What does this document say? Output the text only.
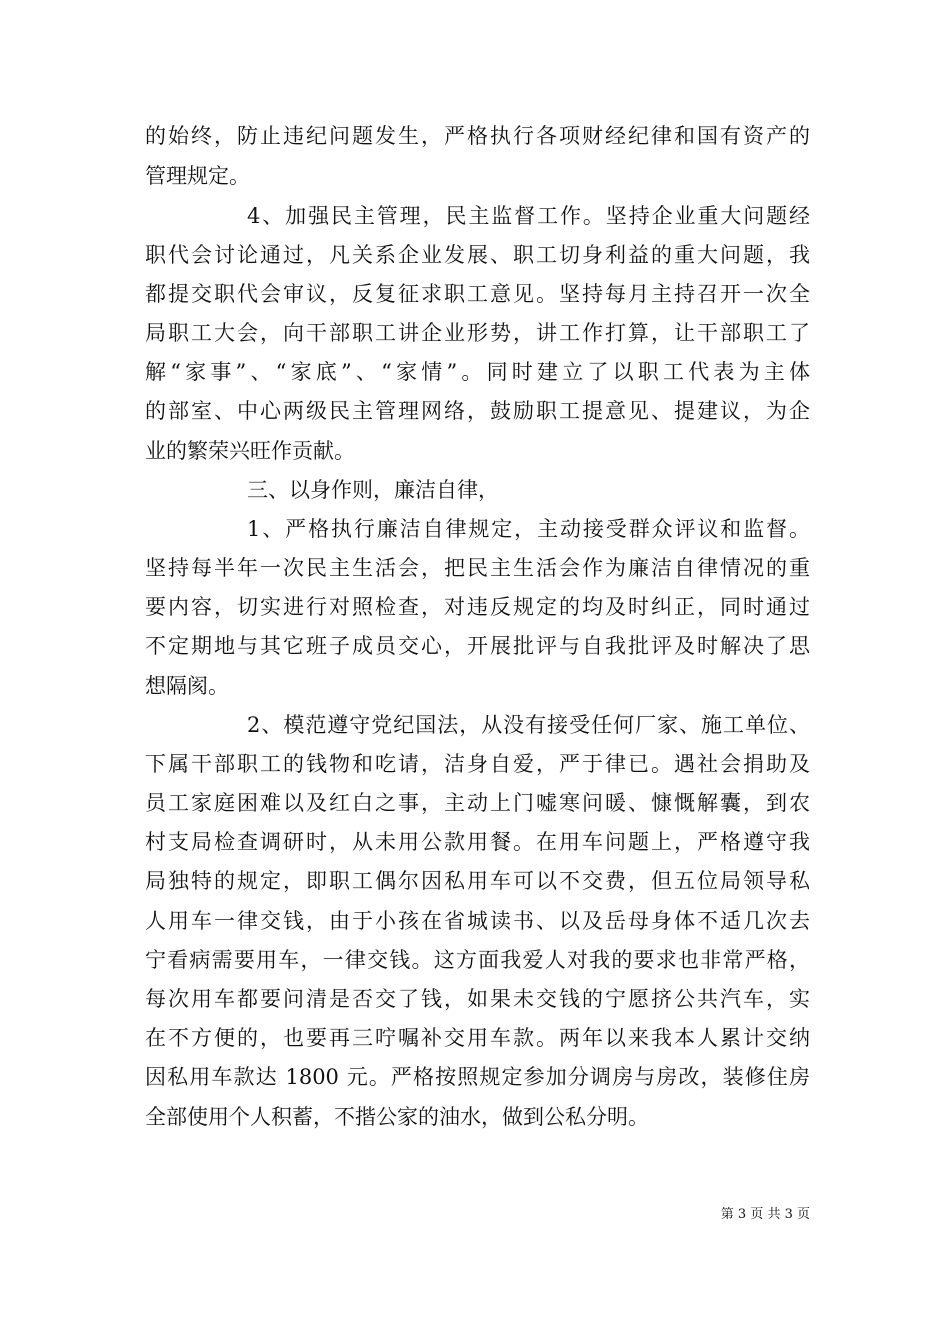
的始终，防止违纪问题发生，严格执行各项财经纪律和国有资产的
管理规定。
4、加强民主管理，民主监督工作。坚持企业重大问题经
职代会讨论通过，凡关系企业发展、职工切身利益的重大问题，我
都提交职代会审议，反复征求职工意见。坚持每月主持召开一次全
局职工大会，向干部职工讲企业形势，讲工作打算，让干部职工了
解“家事”、“家底”、“家情”。同时建立了以职工代表为主体
的部室、中心两级民主管理网络，鼓励职工提意见、提建议，为企
业的繁荣兴旺作贡献。
三、以身作则，廉洁自律，
1、严格执行廉洁自律规定，主动接受群众评议和监督。
坚持每半年一次民主生活会，把民主生活会作为廉洁自律情况的重
要内容，切实进行对照检查，对违反规定的均及时纠正，同时通过
不定期地与其它班子成员交心，开展批评与自我批评及时解决了思
想隔阂。
2、模范遵守党纪国法，从没有接受任何厂家、施工单位、
下属干部职工的钱物和吃请，洁身自爱，严于律已。遇社会捐助及
员工家庭困难以及红白之事，主动上门嘘寒问暖、慷慨解囊，到农
村支局检查调研时，从未用公款用餐。在用车问题上，严格遵守我
局独特的规定，即职工偶尔因私用车可以不交费，但五位局领导私
人用车一律交钱，由于小孩在省城读书、以及岳母身体不适几次去
宁看病需要用车，一律交钱。这方面我爱人对我的要求也非常严格，
每次用车都要问清是否交了钱，如果未交钱的宁愿挤公共汽车，实
在不方便的，也要再三咛嘱补交用车款。两年以来我本人累计交纳
因私用车款达 1800 元。严格按照规定参加分调房与房改，装修住房
全部使用个人积蓄，不揩公家的油水，做到公私分明。
第 3 页 共 3 页
